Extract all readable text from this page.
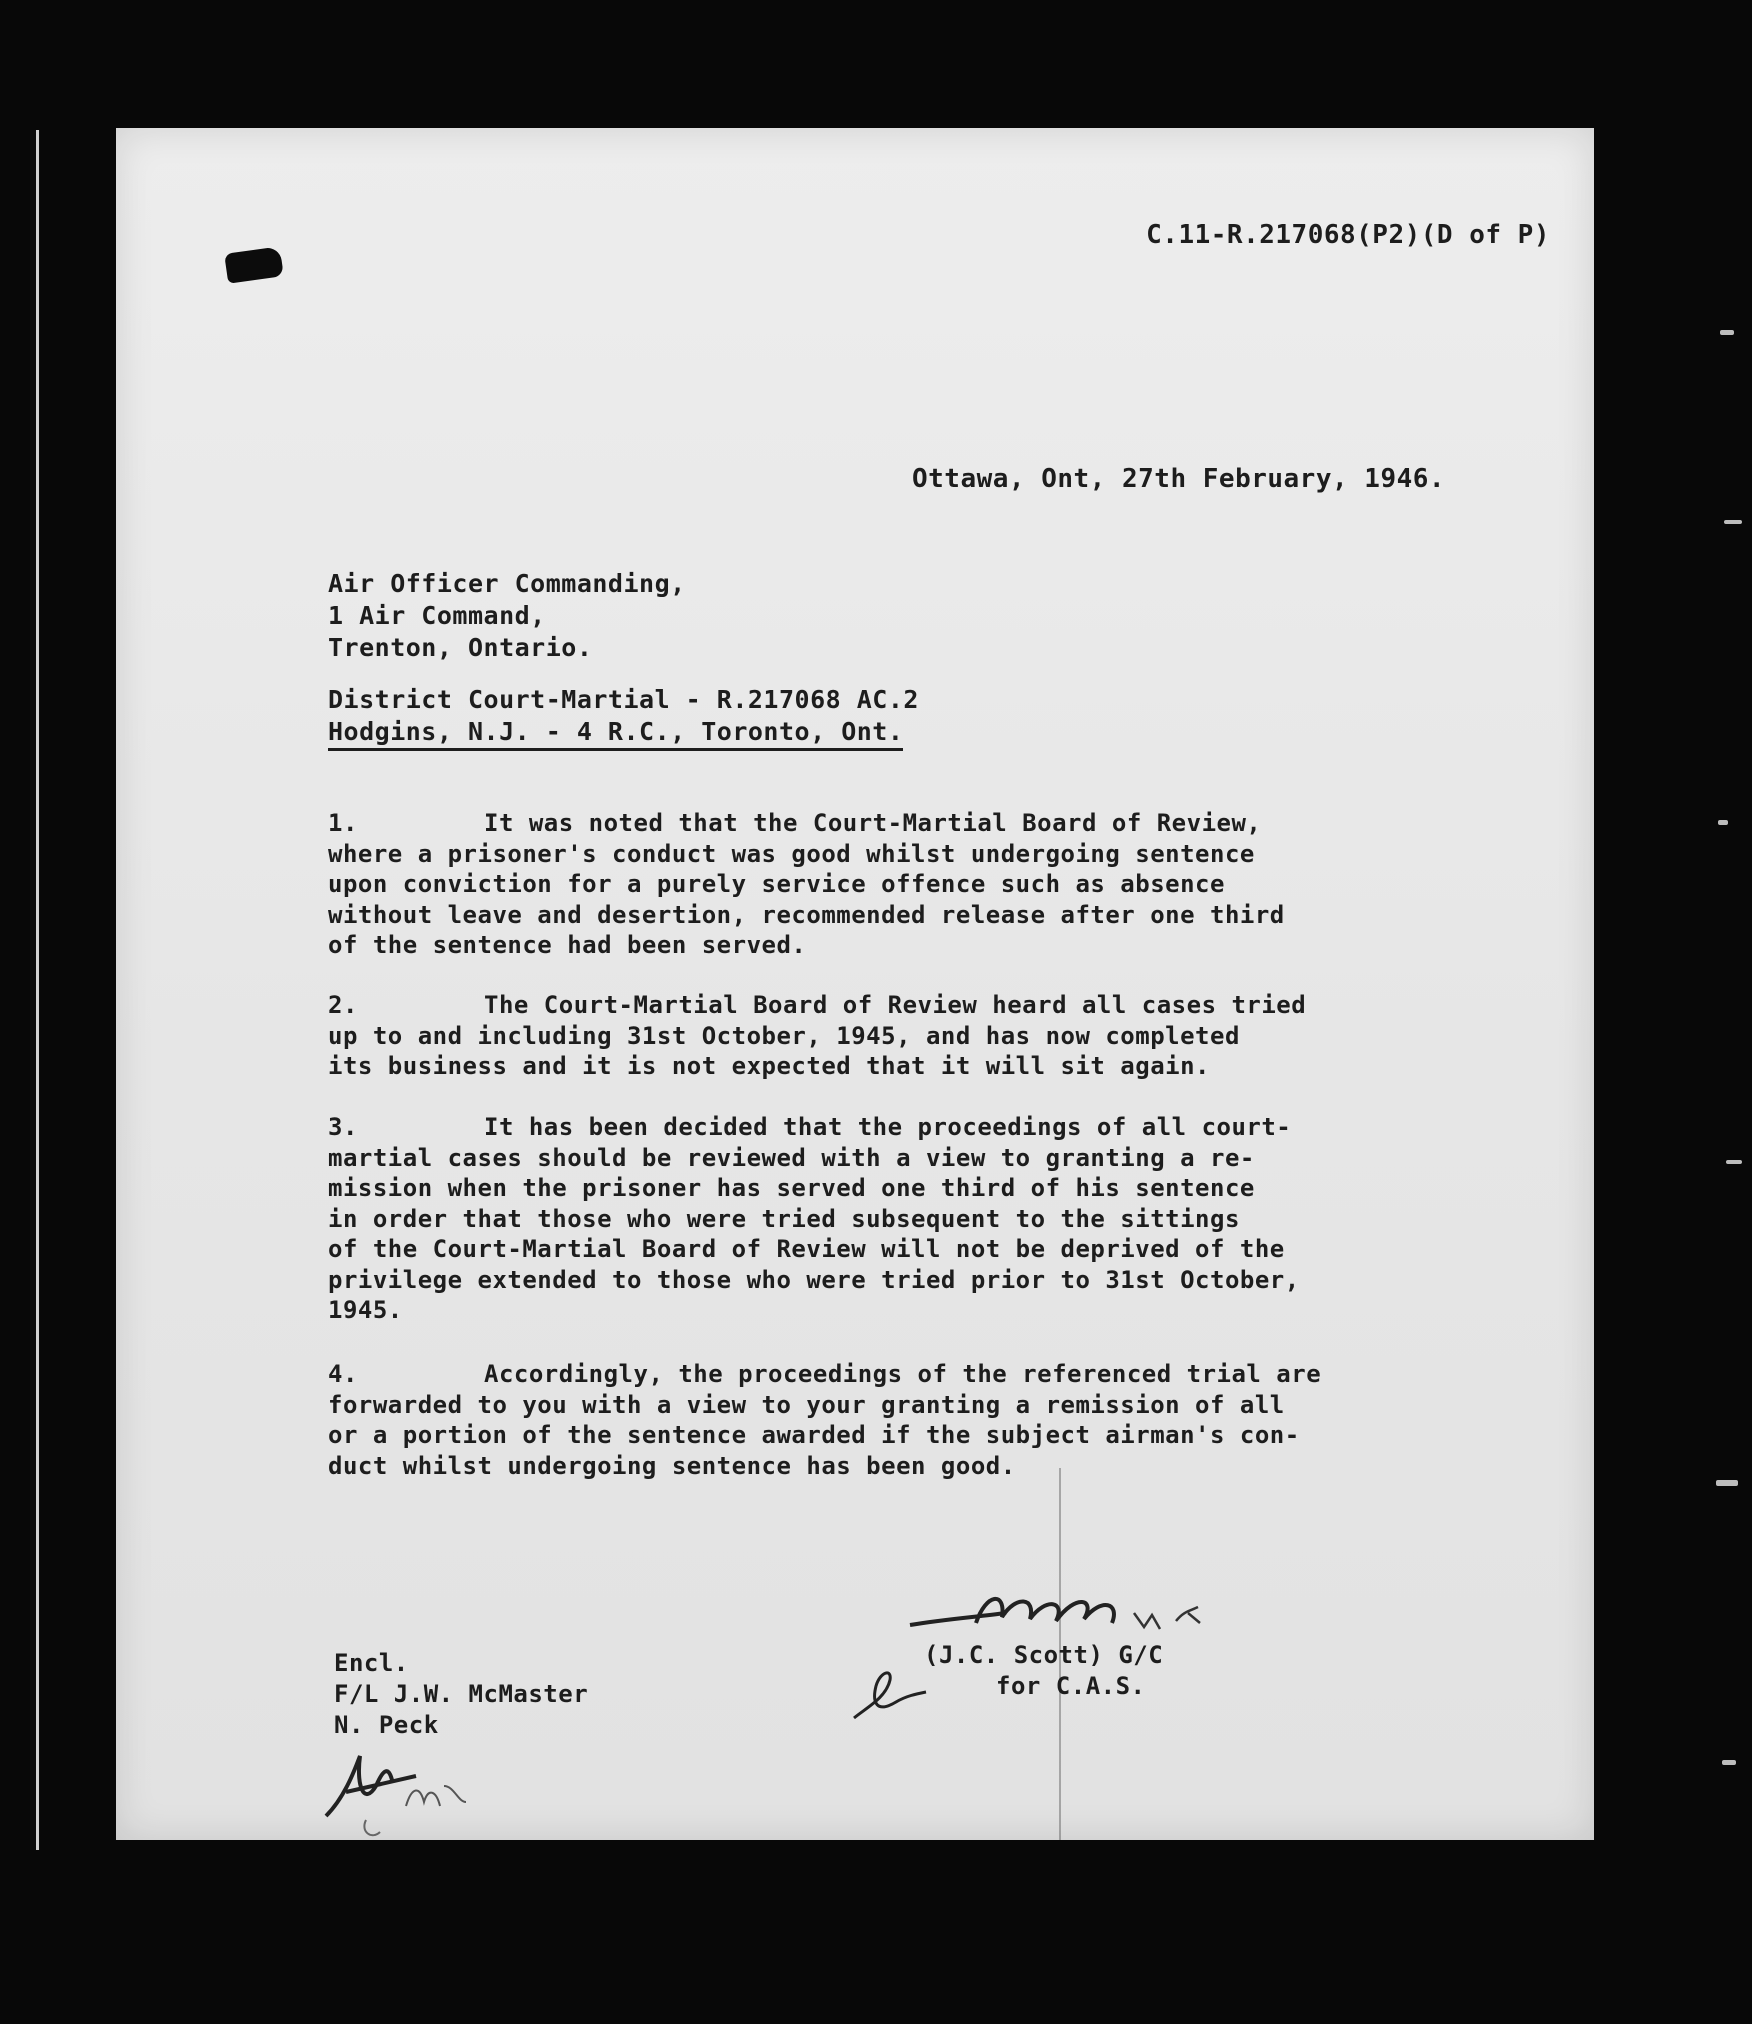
C.11-R.217068(P2)(D of P)

Ottawa, Ont, 27th February, 1946.

Air Officer Commanding,
1 Air Command,
Trenton, Ontario.
District Court-Martial - R.217068 AC.2
Hodgins, N.J. - 4 R.C., Toronto, Ont.
1.	It was noted that the Court-Martial Board of Review,
where a prisoner's conduct was good whilst undergoing sentence
upon conviction for a purely service offence such as absence
without leave and desertion, recommended release after one third
of the sentence had been served.
2.	The Court-Martial Board of Review heard all cases tried
up to and including 31st October, 1945, and has now completed
its business and it is not expected that it will sit again.
3.	It has been decided that the proceedings of all court-
martial cases should be reviewed with a view to granting a re-
mission when the prisoner has served one third of his sentence
in order that those who were tried subsequent to the sittings
of the Court-Martial Board of Review will not be deprived of the
privilege extended to those who were tried prior to 31st October,
1945.
4.	Accordingly, the proceedings of the referenced trial are
forwarded to you with a view to your granting a remission of all
or a portion of the sentence awarded if the subject airman's con-
duct whilst undergoing sentence has been good.
(J.C. Scott) G/C

for C.A.S.
Encl.
F/L J.W. McMaster
N. Peck
